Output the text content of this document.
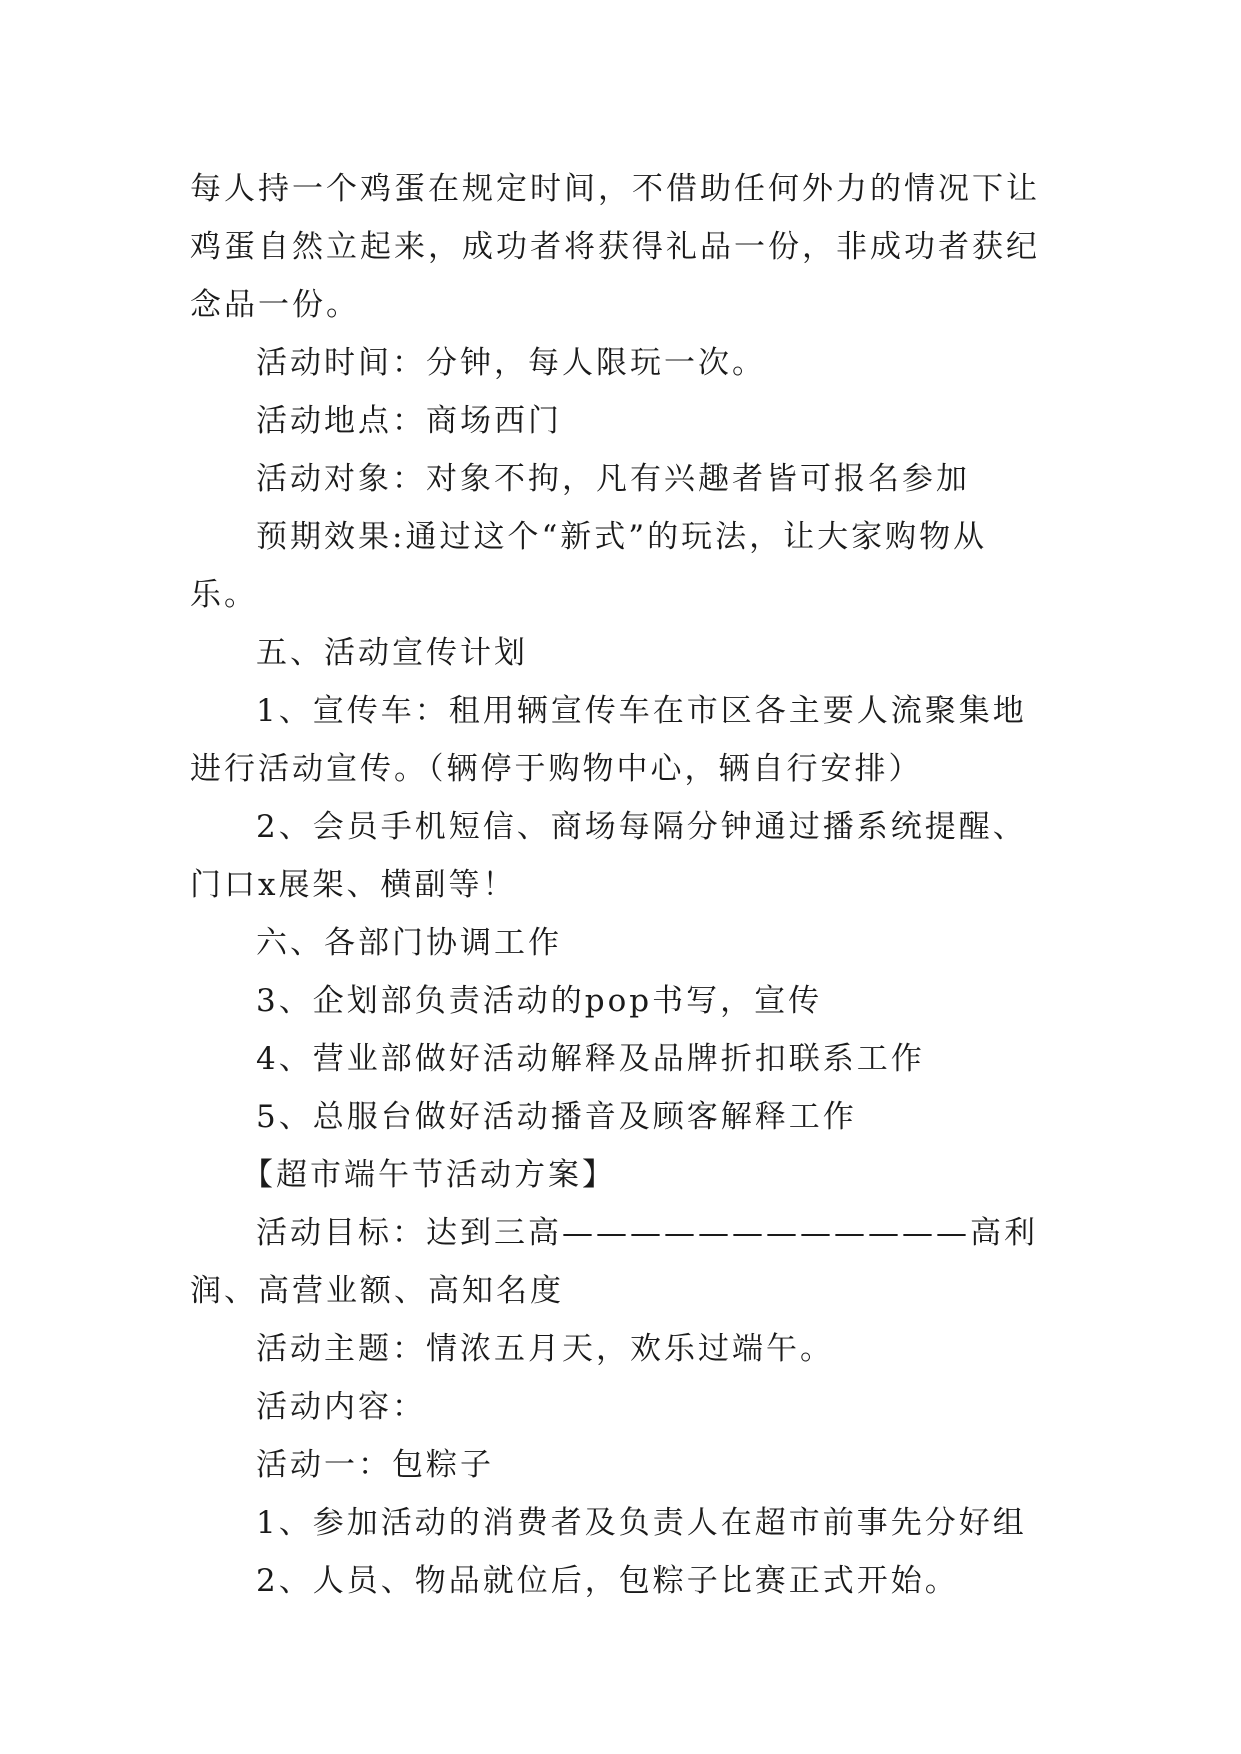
每人持一个鸡蛋在规定时间，不借助任何外力的情况下让鸡蛋自然立起来，成功者将获得礼品一份，非成功者获纪念品一份。

活动时间：分钟，每人限玩一次。

活动地点：商场西门

活动对象：对象不拘，凡有兴趣者皆可报名参加

预期效果:通过这个“新式”的玩法，让大家购物从乐。

五、活动宣传计划

1、宣传车：租用辆宣传车在市区各主要人流聚集地进行活动宣传。（辆停于购物中心，辆自行安排）

2、会员手机短信、商场每隔分钟通过播系统提醒、门口x展架、横副等！

六、各部门协调工作

3、企划部负责活动的pop书写，宣传

4、营业部做好活动解释及品牌折扣联系工作

5、总服台做好活动播音及顾客解释工作

【超市端午节活动方案】

活动目标：达到三高————————————高利润、高营业额、高知名度

活动主题：情浓五月天，欢乐过端午。

活动内容：

活动一：包粽子

1、参加活动的消费者及负责人在超市前事先分好组

2、人员、物品就位后，包粽子比赛正式开始。
